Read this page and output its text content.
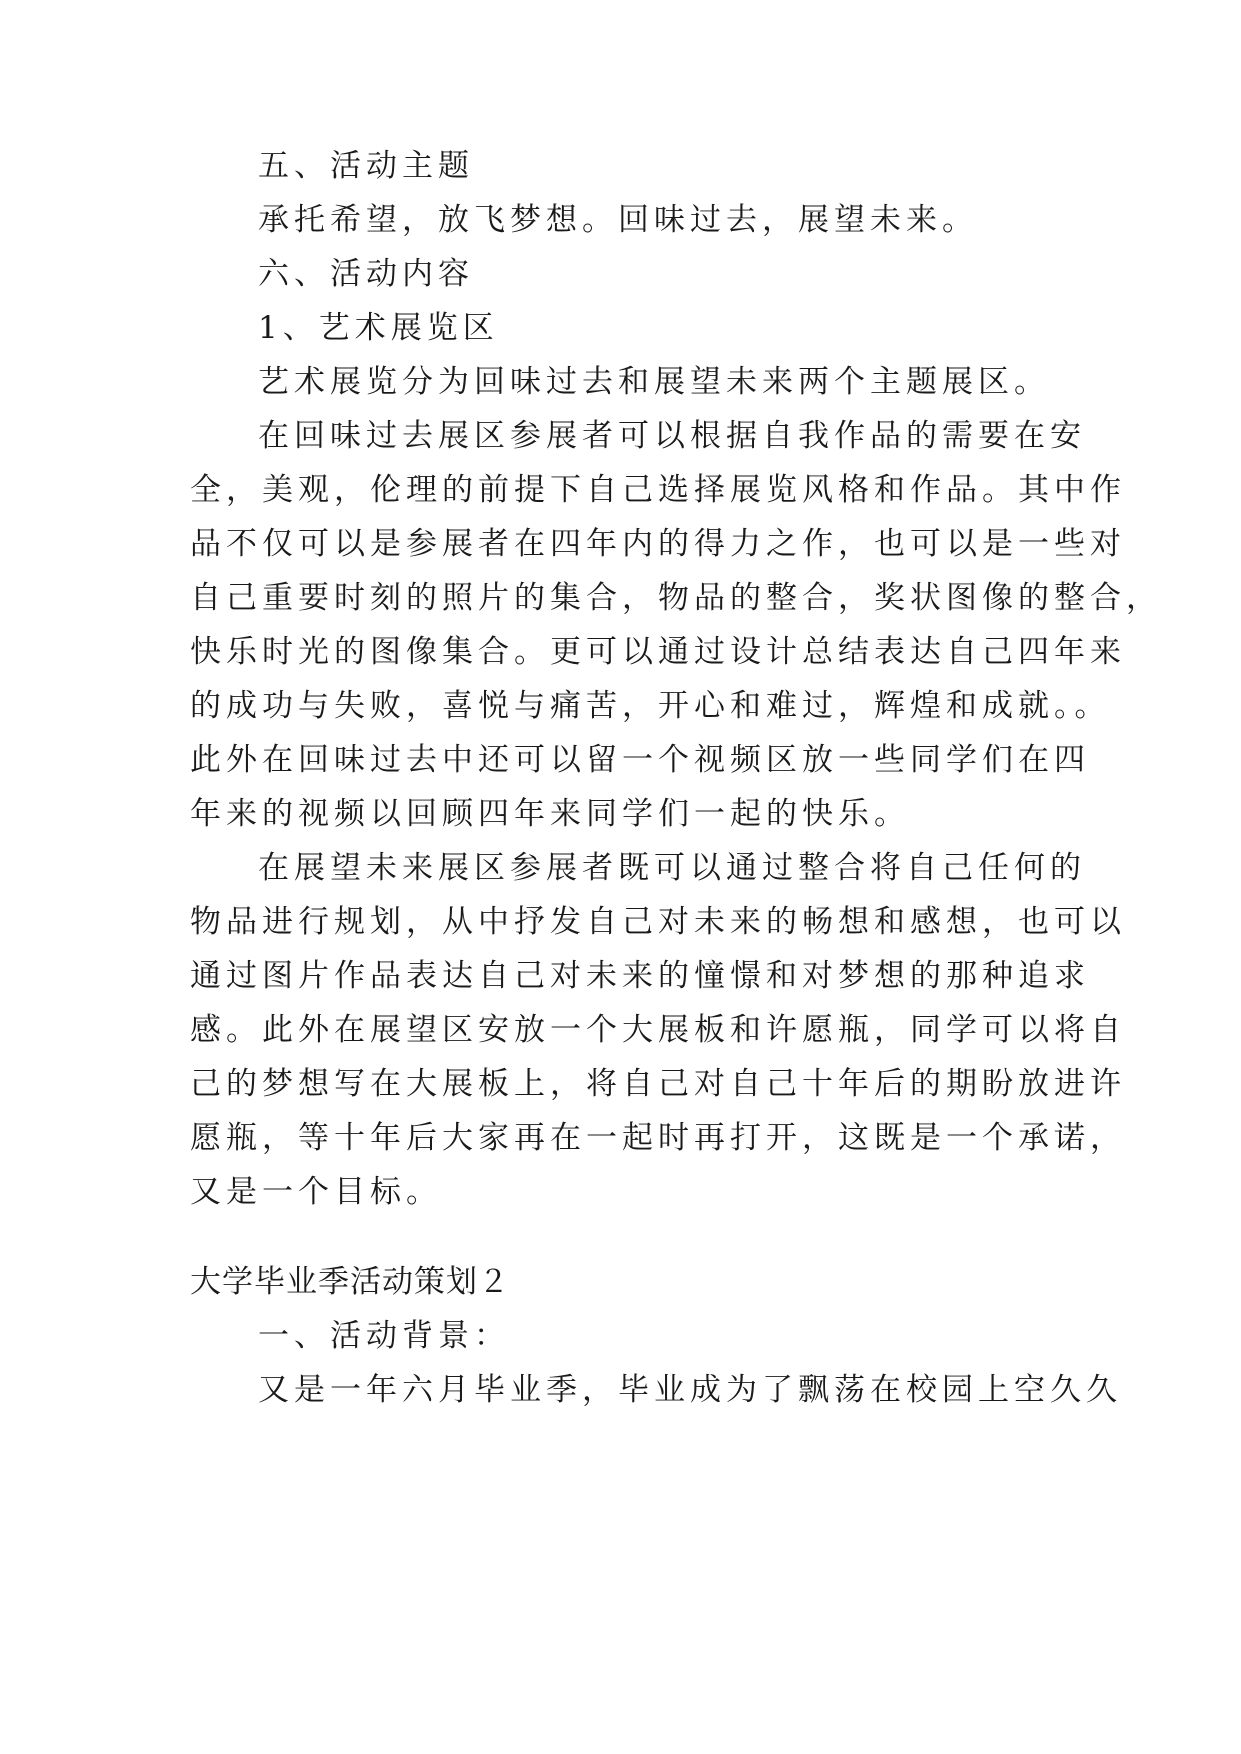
五、活动主题
承托希望，放飞梦想。回味过去，展望未来。
六、活动内容
1、艺术展览区
艺术展览分为回味过去和展望未来两个主题展区。
在回味过去展区参展者可以根据自我作品的需要在安
全，美观，伦理的前提下自己选择展览风格和作品。其中作
品不仅可以是参展者在四年内的得力之作，也可以是一些对
自己重要时刻的照片的集合，物品的整合，奖状图像的整合，
快乐时光的图像集合。更可以通过设计总结表达自己四年来
的成功与失败，喜悦与痛苦，开心和难过，辉煌和成就。。
此外在回味过去中还可以留一个视频区放一些同学们在四
年来的视频以回顾四年来同学们一起的快乐。
在展望未来展区参展者既可以通过整合将自己任何的
物品进行规划，从中抒发自己对未来的畅想和感想，也可以
通过图片作品表达自己对未来的憧憬和对梦想的那种追求
感。此外在展望区安放一个大展板和许愿瓶，同学可以将自
己的梦想写在大展板上，将自己对自己十年后的期盼放进许
愿瓶，等十年后大家再在一起时再打开，这既是一个承诺，
又是一个目标。
大学毕业季活动策划２
一、活动背景：
又是一年六月毕业季，毕业成为了飘荡在校园上空久久
